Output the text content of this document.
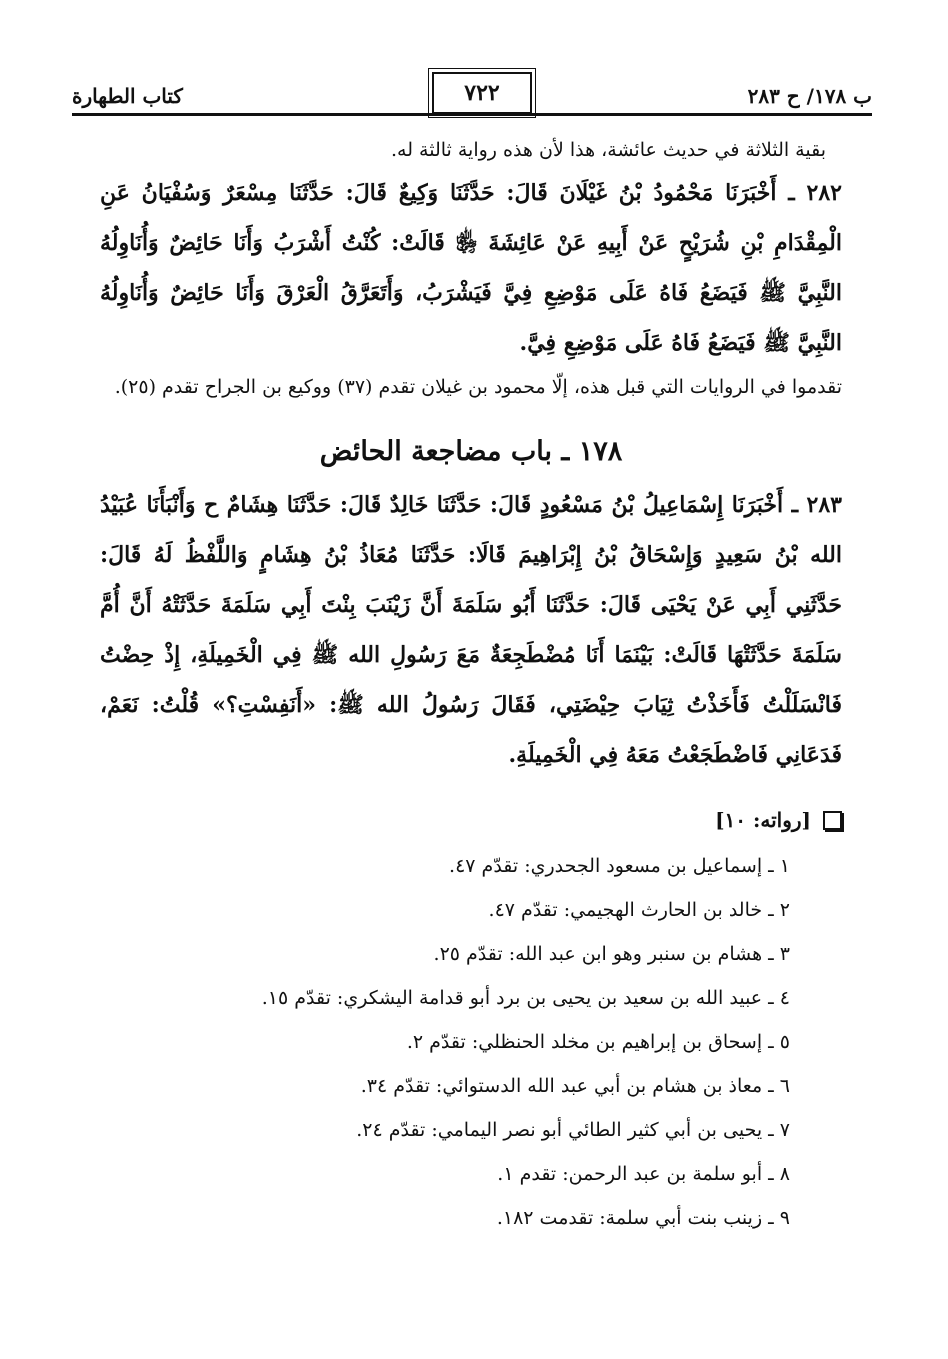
ب ١٧٨/ ح ٢٨٣
٧٢٢
كتاب الطهارة

بقية الثلاثة في حديث عائشة، هذا لأن هذه رواية ثالثة له.

٢٨٢ ـ أَخْبَرَنَا مَحْمُودُ بْنُ غَيْلَانَ قَالَ: حَدَّثَنَا وَكِيعٌ قَالَ: حَدَّثَنَا مِسْعَرٌ وَسُفْيَانُ عَنِ الْمِقْدَامِ بْنِ شُرَيْحٍ عَنْ أَبِيهِ عَنْ عَائِشَةَ ﵂ قَالَتْ: كُنْتُ أَشْرَبُ وَأَنَا حَائِضٌ وَأُنَاوِلُهُ النَّبِيَّ ﷺ فَيَضَعُ فَاهُ عَلَى مَوْضِعِ فِيَّ فَيَشْرَبُ، وَأَتَعَرَّقُ الْعَرْقَ وَأَنَا حَائِضٌ وَأُنَاوِلُهُ النَّبِيَّ ﷺ فَيَضَعُ فَاهُ عَلَى مَوْضِعِ فِيَّ.

تقدموا في الروايات التي قبل هذه، إلّا محمود بن غيلان تقدم (٣٧) ووكيع بن الجراح تقدم (٢٥).

١٧٨ ـ باب مضاجعة الحائض

٢٨٣ ـ أَخْبَرَنَا إِسْمَاعِيلُ بْنُ مَسْعُودٍ قَالَ: حَدَّثَنَا خَالِدٌ قَالَ: حَدَّثَنَا هِشَامٌ ح وَأَنْبَأَنَا عُبَيْدُ الله بْنُ سَعِيدٍ وَإِسْحَاقُ بْنُ إِبْرَاهِيمَ قَالَا: حَدَّثَنَا مُعَاذُ بْنُ هِشَامٍ وَاللَّفْظُ لَهُ قَالَ: حَدَّثَنِي أَبِي عَنْ يَحْيَى قَالَ: حَدَّثَنَا أَبُو سَلَمَةَ أَنَّ زَيْنَبَ بِنْتَ أَبِي سَلَمَةَ حَدَّثَتْهُ أَنَّ أُمَّ سَلَمَةَ حَدَّثَتْهَا قَالَتْ: بَيْنَمَا أَنَا مُضْطَجِعَةٌ مَعَ رَسُولِ الله ﷺ فِي الْخَمِيلَةِ، إِذْ حِضْتُ فَانْسَلَلْتُ فَأَخَذْتُ ثِيَابَ حِيْضَتِي، فَقَالَ رَسُولُ الله ﷺ: «أَنَفِسْتِ؟» قُلْتُ: نَعَمْ، فَدَعَانِي فَاضْطَجَعْتُ مَعَهُ فِي الْخَمِيلَةِ.

[رواته: ١٠]
١ ـ إسماعيل بن مسعود الجحدري: تقدّم ٤٧.
٢ ـ خالد بن الحارث الهجيمي: تقدّم ٤٧.
٣ ـ هشام بن سنبر وهو ابن عبد الله: تقدّم ٢٥.
٤ ـ عبيد الله بن سعيد بن يحيى بن برد أبو قدامة اليشكري: تقدّم ١٥.
٥ ـ إسحاق بن إبراهيم بن مخلد الحنظلي: تقدّم ٢.
٦ ـ معاذ بن هشام بن أبي عبد الله الدستوائي: تقدّم ٣٤.
٧ ـ يحيى بن أبي كثير الطائي أبو نصر اليمامي: تقدّم ٢٤.
٨ ـ أبو سلمة بن عبد الرحمن: تقدم ١.
٩ ـ زينب بنت أبي سلمة: تقدمت ١٨٢.
